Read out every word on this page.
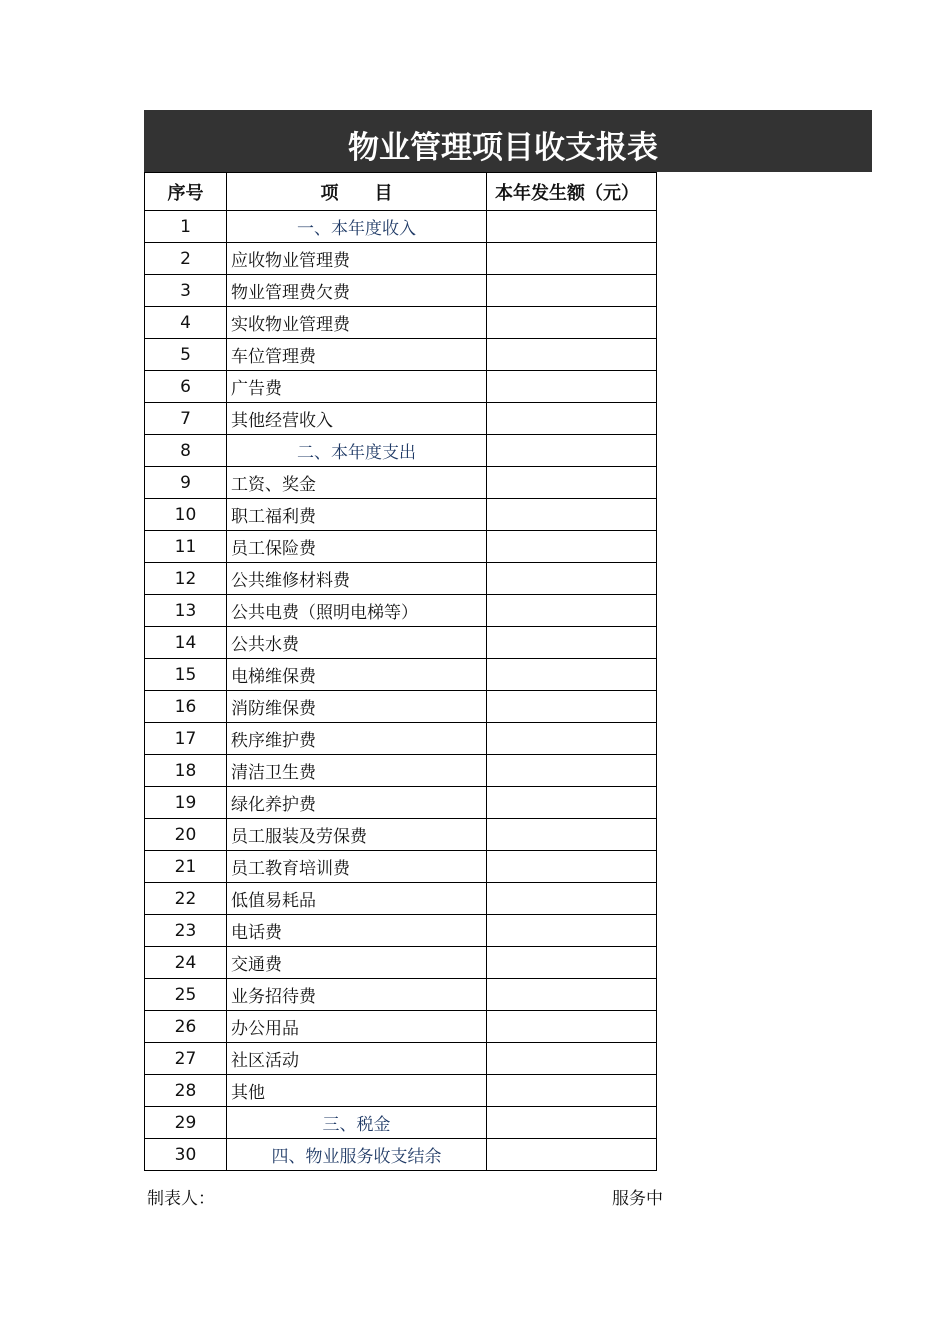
物业管理项目收支报表
序号	项　　目	本年发生额（元）
1	一、本年度收入	
2	应收物业管理费	
3	物业管理费欠费	
4	实收物业管理费	
5	车位管理费	
6	广告费	
7	其他经营收入	
8	二、本年度支出	
9	工资、奖金	
10	职工福利费	
11	员工保险费	
12	公共维修材料费	
13	公共电费（照明电梯等）	
14	公共水费	
15	电梯维保费	
16	消防维保费	
17	秩序维护费	
18	清洁卫生费	
19	绿化养护费	
20	员工服装及劳保费	
21	员工教育培训费	
22	低值易耗品	
23	电话费	
24	交通费	
25	业务招待费	
26	办公用品	
27	社区活动	
28	其他	
29	三、税金	
30	四、物业服务收支结余	
制表人：	服务中
